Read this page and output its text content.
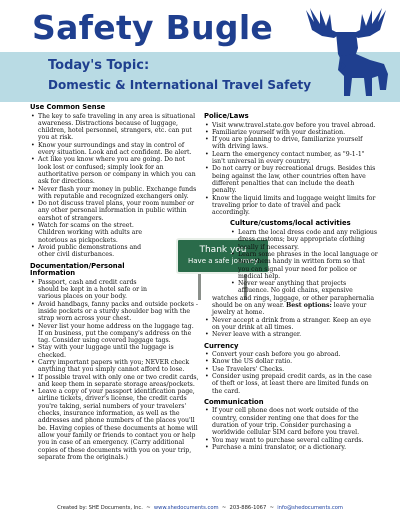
Safety Bugle
Today's Topic:
Domestic & International Travel Safety
Use Common Sense
• The key to safe traveling in any area is situational awareness. Distractions because of luggage, children, hotel personnel, strangers, etc. can put you at risk.
• Know your surroundings and stay in control of every situation. Look and act confident. Be alert.
• Act like you know where you are going. Do not look lost or confused; simply look for an authoritative person or company in which you can ask for directions.
• Never flash your money in public. Exchange funds with reputable and recognized exchangers only.
• Do not discuss travel plans, your room number or any other personal information in public within earshot of strangers.
• Watch for scams on the street. Children working with adults are notorious as pickpockets.
• Avoid public demonstrations and other civil disturbances.
Documentation/Personal
Information
• Passport, cash and credit cards should be kept in a hotel safe or in various places on your body.
• Avoid handbags, fanny packs and outside pockets - inside pockets or a sturdy shoulder bag with the strap worn across your chest.
• Never list your home address on the luggage tag. If on business, put the company's address on the tag. Consider using covered luggage tags.
• Stay with your luggage until the luggage is checked.
• Carry important papers with you; NEVER check anything that you simply cannot afford to lose.
• If possible travel with only one or two credit cards, and keep them in separate storage areas/pockets.
• Leave a copy of your passport identification page, airline tickets, driver's license, the credit cards you're taking, serial numbers of your travelers' checks, insurance information, as well as the addresses and phone numbers of the places you'll be. Having copies of these documents at home will allow your family or friends to contact you or help you in case of an emergency. (Carry additional copies of these documents with you on your trip, separate from the originals.)
Thank you
Have a safe journey
Police/Laws
• Visit www.travel.state.gov before you travel abroad.
• Familiarize yourself with your destination.
• If you are planning to drive, familiarize yourself with driving laws.
• Learn the emergency contact number, as "9-1-1" isn't universal in every country.
• Do not carry or buy recreational drugs. Besides this being against the law, other countries often have different penalties that can include the death penalty.
• Know the liquid limits and luggage weight limits for traveling prior to date of travel and pack accordingly.
Culture/customs/local activities
• Learn the local dress code and any religious dress customs; buy appropriate clothing locally if necessary.
• Learn some phrases in the local language or have them handy in written form so that you can signal your need for police or medical help.
• Never wear anything that projects affluence. No gold chains, expensive
watches and rings, luggage, or other paraphernalia should be on any wear. Best options: leave your jewelry at home.
• Never accept a drink from a stranger. Keep an eye on your drink at all times.
• Never leave with a stranger.
Currency
• Convert your cash before you go abroad.
• Know the US dollar ratio.
• Use Travelers' Checks.
• Consider using prepaid credit cards, as in the case of theft or loss, at least there are limited funds on the card.
Communication
• If your cell phone does not work outside of the country, consider renting one that does for the duration of your trip. Consider purchasing a worldwide cellular SIM card before you travel.
• You may want to purchase several calling cards.
• Purchase a mini translator, or a dictionary.
Created by: SHE Documents, Inc.  ~  www.shedocuments.com  ~  203-886-1067  ~  info@shedocuments.com
